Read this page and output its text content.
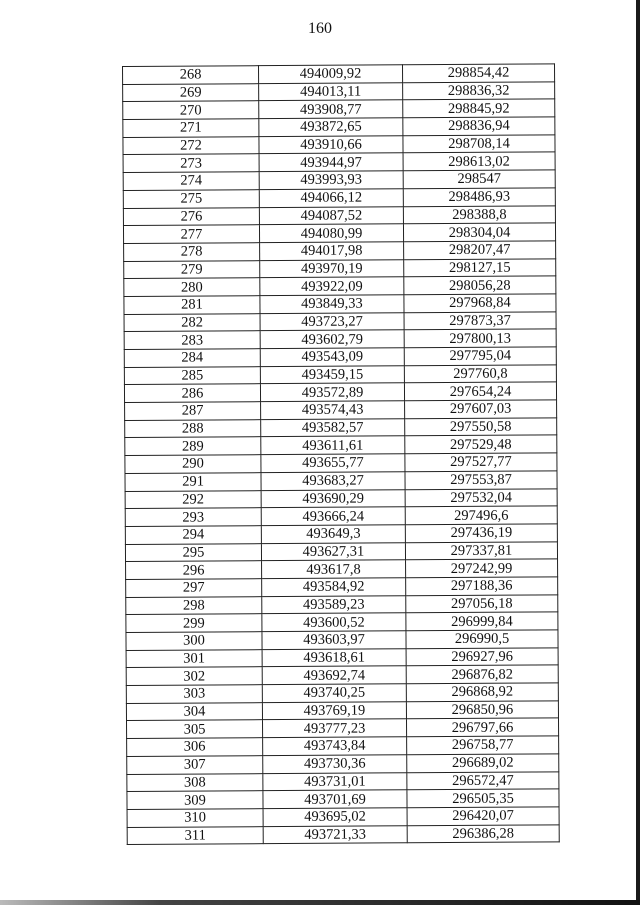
160
268	494009,92	298854,42
269	494013,11	298836,32
270	493908,77	298845,92
271	493872,65	298836,94
272	493910,66	298708,14
273	493944,97	298613,02
274	493993,93	298547
275	494066,12	298486,93
276	494087,52	298388,8
277	494080,99	298304,04
278	494017,98	298207,47
279	493970,19	298127,15
280	493922,09	298056,28
281	493849,33	297968,84
282	493723,27	297873,37
283	493602,79	297800,13
284	493543,09	297795,04
285	493459,15	297760,8
286	493572,89	297654,24
287	493574,43	297607,03
288	493582,57	297550,58
289	493611,61	297529,48
290	493655,77	297527,77
291	493683,27	297553,87
292	493690,29	297532,04
293	493666,24	297496,6
294	493649,3	297436,19
295	493627,31	297337,81
296	493617,8	297242,99
297	493584,92	297188,36
298	493589,23	297056,18
299	493600,52	296999,84
300	493603,97	296990,5
301	493618,61	296927,96
302	493692,74	296876,82
303	493740,25	296868,92
304	493769,19	296850,96
305	493777,23	296797,66
306	493743,84	296758,77
307	493730,36	296689,02
308	493731,01	296572,47
309	493701,69	296505,35
310	493695,02	296420,07
311	493721,33	296386,28
